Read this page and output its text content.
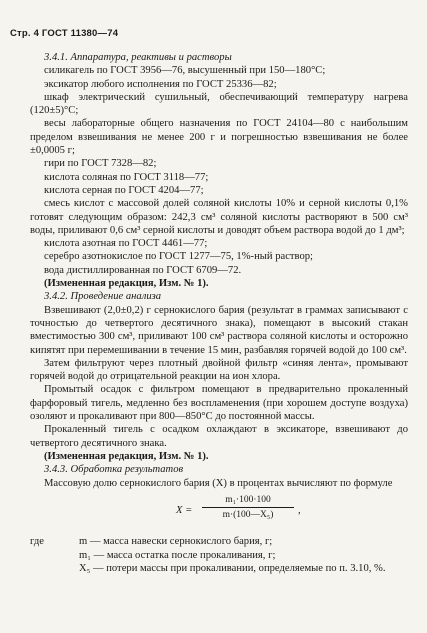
Стр. 4 ГОСТ 11380—74

3.4.1. Аппаратура, реактивы и растворы

силикагель по ГОСТ 3956—76, высушенный при 150—180°С;

эксикатор любого исполнения по ГОСТ 25336—82;

шкаф электрический сушильный, обеспечивающий температуру нагрева (120±5)°С;

весы лабораторные общего назначения по ГОСТ 24104—80 с наибольшим пределом взвешивания не менее 200 г и погрешностью взвешивания не более ±0,0005 г;

гири по ГОСТ 7328—82;

кислота соляная по ГОСТ 3118—77;

кислота серная по ГОСТ 4204—77;

смесь кислот с массовой долей соляной кислоты 10% и серной кислоты 0,1% готовят следующим образом: 242,3 см³ соляной кислоты растворяют в 500 см³ воды, приливают 0,6 см³ серной кислоты и доводят объем раствора водой до 1 дм³;

кислота азотная по ГОСТ 4461—77;

серебро азотнокислое по ГОСТ 1277—75, 1%-ный раствор;

вода дистиллированная по ГОСТ 6709—72.

(Измененная редакция, Изм. № 1).

3.4.2. Проведение анализа

Взвешивают (2,0±0,2) г сернокислого бария (результат в граммах записывают с точностью до четвертого десятичного знака), помещают в высокий стакан вместимостью 300 см³, приливают 100 см³ раствора соляной кислоты и осторожно кипятят при перемешивании в течение 15 мин, разбавляя горячей водой до 100 см³.

Затем фильтруют через плотный двойной фильтр «синяя лента», промывают горячей водой до отрицательной реакции на ион хлора.

Промытый осадок с фильтром помещают в предварительно прокаленный фарфоровый тигель, медленно без воспламенения (при хорошем доступе воздуха) озоляют и прокаливают при 800—850°С до постоянной массы.

Прокаленный тигель с осадком охлаждают в эксикаторе, взвешивают до четвертого десятичного знака.

(Измененная редакция, Изм. № 1).

3.4.3. Обработка результатов

Массовую долю сернокислого бария (X) в процентах вычисляют по формуле

X =
m₁·100·100
m·(100—X₅)	,
где	m — масса навески сернокислого бария, г;
m₁ — масса остатка после прокаливания, г;

X₅ — потери массы при прокаливании, определяемые по п. 3.10, %.
